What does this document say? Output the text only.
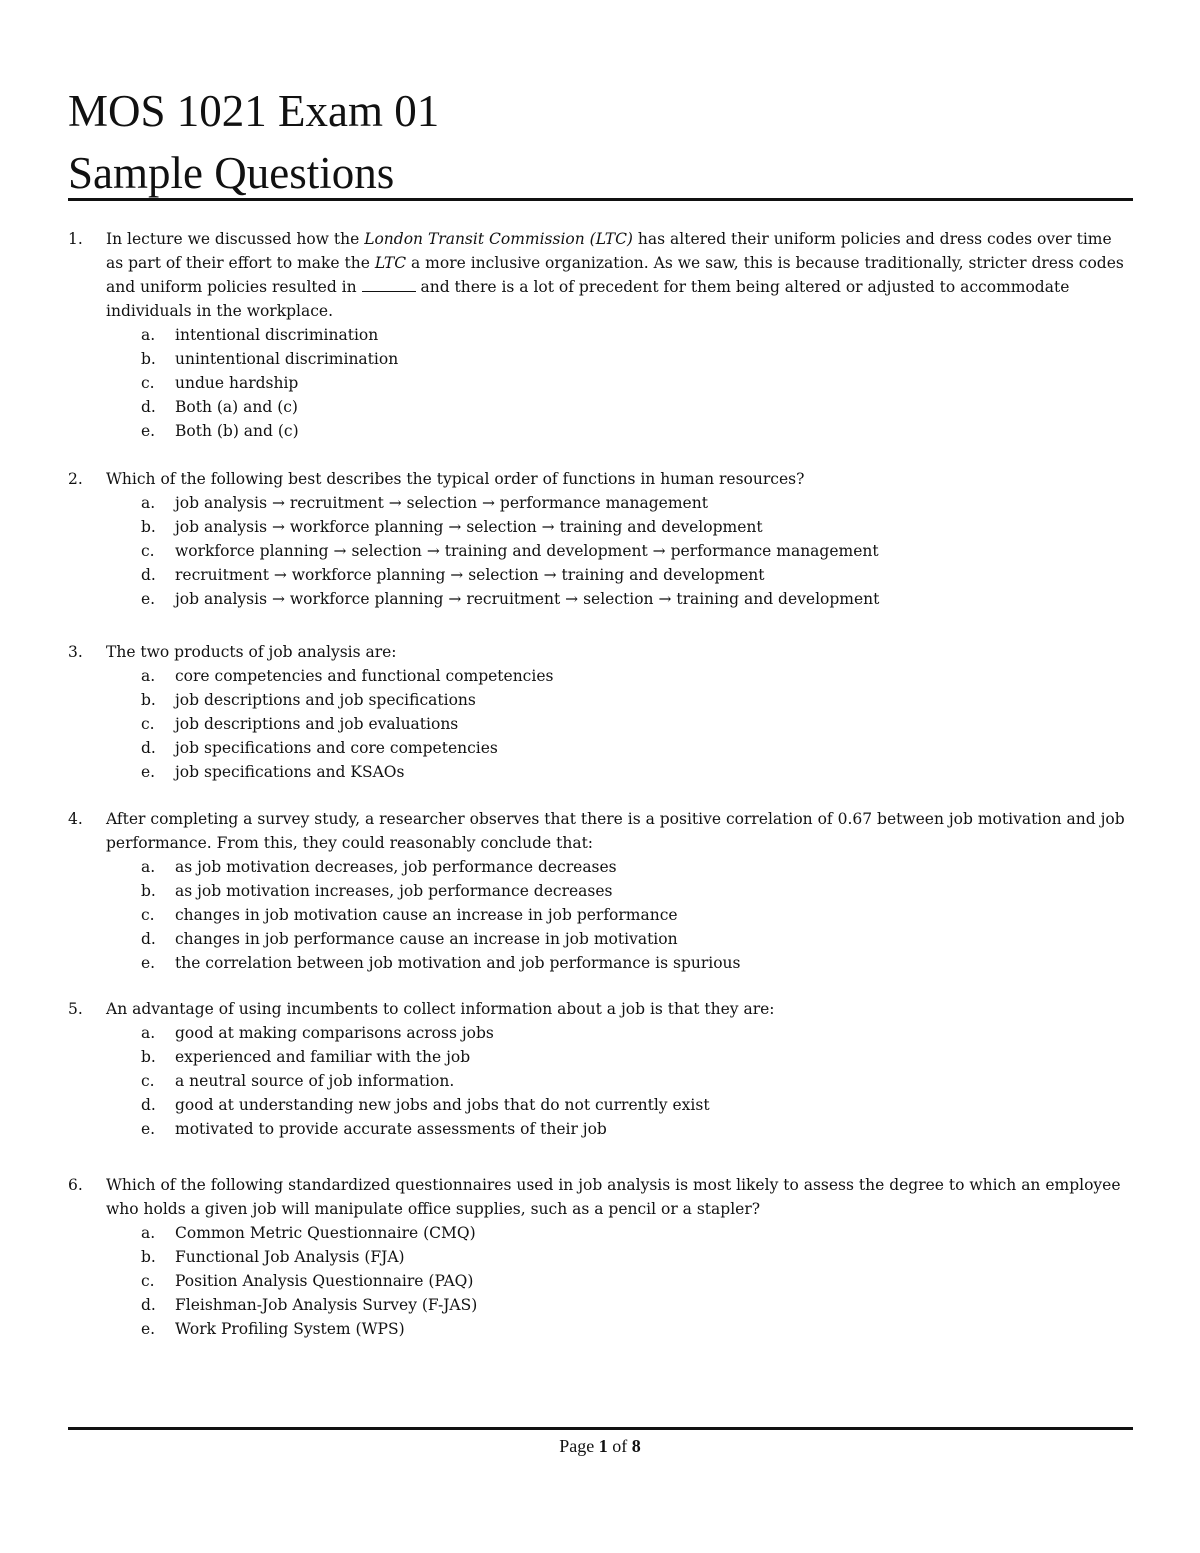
MOS 1021 Exam 01
Sample Questions
1. In lecture we discussed how the London Transit Commission (LTC) has altered their uniform policies and dress codes over time as part of their effort to make the LTC a more inclusive organization. As we saw, this is because traditionally, stricter dress codes and uniform policies resulted in	and there is a lot of precedent for them being altered or adjusted to accommodate individuals in the workplace.
a. intentional discrimination
b. unintentional discrimination
c. undue hardship
d. Both (a) and (c)
e. Both (b) and (c)
2. Which of the following best describes the typical order of functions in human resources?
a. job analysis → recruitment → selection → performance management
b. job analysis → workforce planning → selection → training and development
c. workforce planning → selection → training and development → performance management
d. recruitment → workforce planning → selection → training and development
e. job analysis → workforce planning → recruitment → selection → training and development
3. The two products of job analysis are:
a. core competencies and functional competencies
b. job descriptions and job specifications
c. job descriptions and job evaluations
d. job specifications and core competencies
e. job specifications and KSAOs
4. After completing a survey study, a researcher observes that there is a positive correlation of 0.67 between job motivation and job performance. From this, they could reasonably conclude that:
a. as job motivation decreases, job performance decreases
b. as job motivation increases, job performance decreases
c. changes in job motivation cause an increase in job performance
d. changes in job performance cause an increase in job motivation
e. the correlation between job motivation and job performance is spurious
5. An advantage of using incumbents to collect information about a job is that they are:
a. good at making comparisons across jobs
b. experienced and familiar with the job
c. a neutral source of job information.
d. good at understanding new jobs and jobs that do not currently exist
e. motivated to provide accurate assessments of their job
6. Which of the following standardized questionnaires used in job analysis is most likely to assess the degree to which an employee who holds a given job will manipulate office supplies, such as a pencil or a stapler?
a. Common Metric Questionnaire (CMQ)
b. Functional Job Analysis (FJA)
c. Position Analysis Questionnaire (PAQ)
d. Fleishman-Job Analysis Survey (F-JAS)
e. Work Profiling System (WPS)
Page 1 of 8
